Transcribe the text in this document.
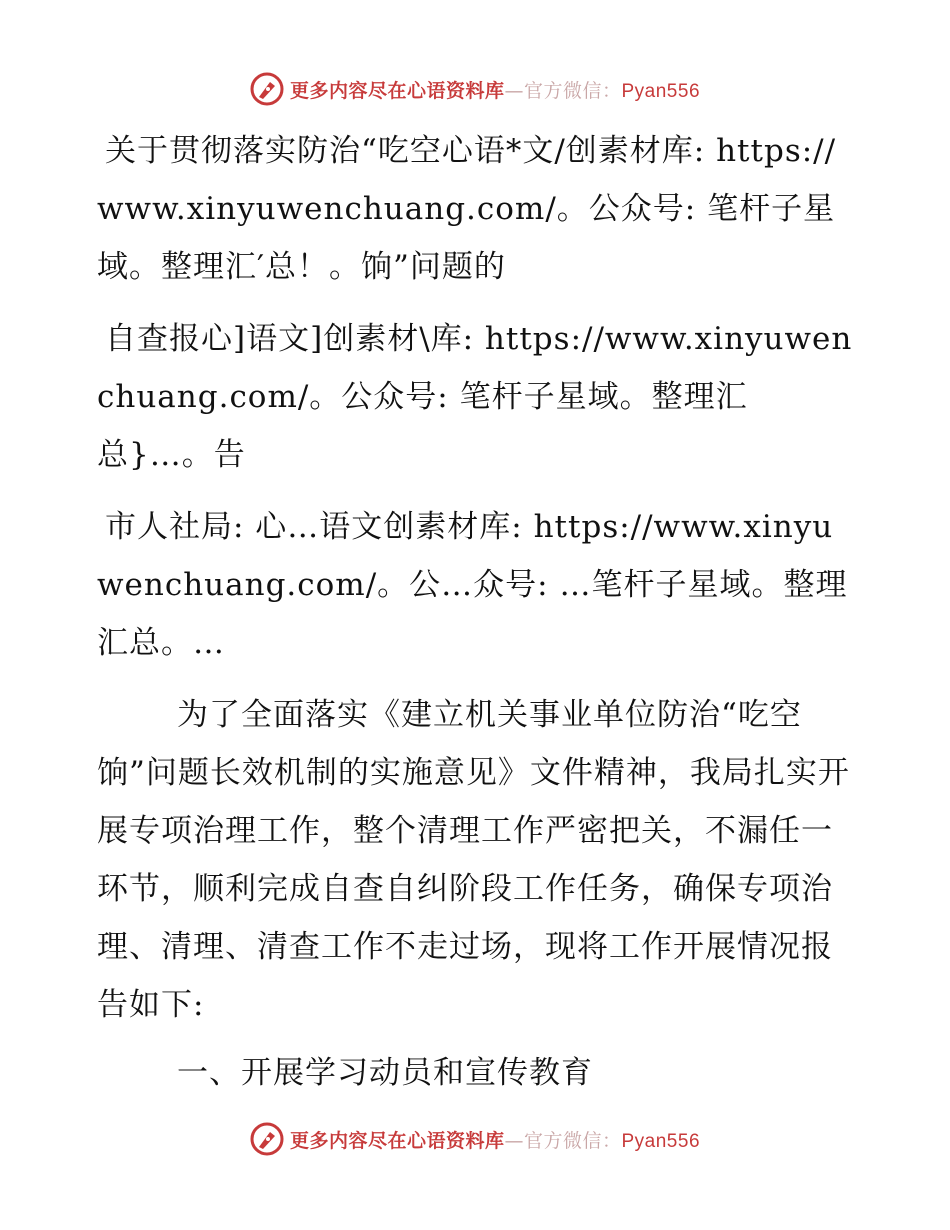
更多内容尽在心语资料库—官方微信：Pyan556

关于贯彻落实防治“吃空心语*文/创素材库: https://www.xinyuwenchuang.com/。公众号: 笔杆子星域。整理汇′总！。饷”问题的

自查报心]语文]创素材\库: https://www.xinyuwenchuang.com/。公众号: 笔杆子星域。整理汇总}…。告

市人社局: 心…语文创素材库: https://www.xinyuwenchuang.com/。公…众号: …笔杆子星域。整理汇总。…

为了全面落实《建立机关事业单位防治“吃空饷”问题长效机制的实施意见》文件精神，我局扎实开展专项治理工作，整个清理工作严密把关，不漏任一环节，顺利完成自查自纠阶段工作任务，确保专项治理、清理、清查工作不走过场，现将工作开展情况报告如下:

一、开展学习动员和宣传教育

更多内容尽在心语资料库—官方微信：Pyan556
